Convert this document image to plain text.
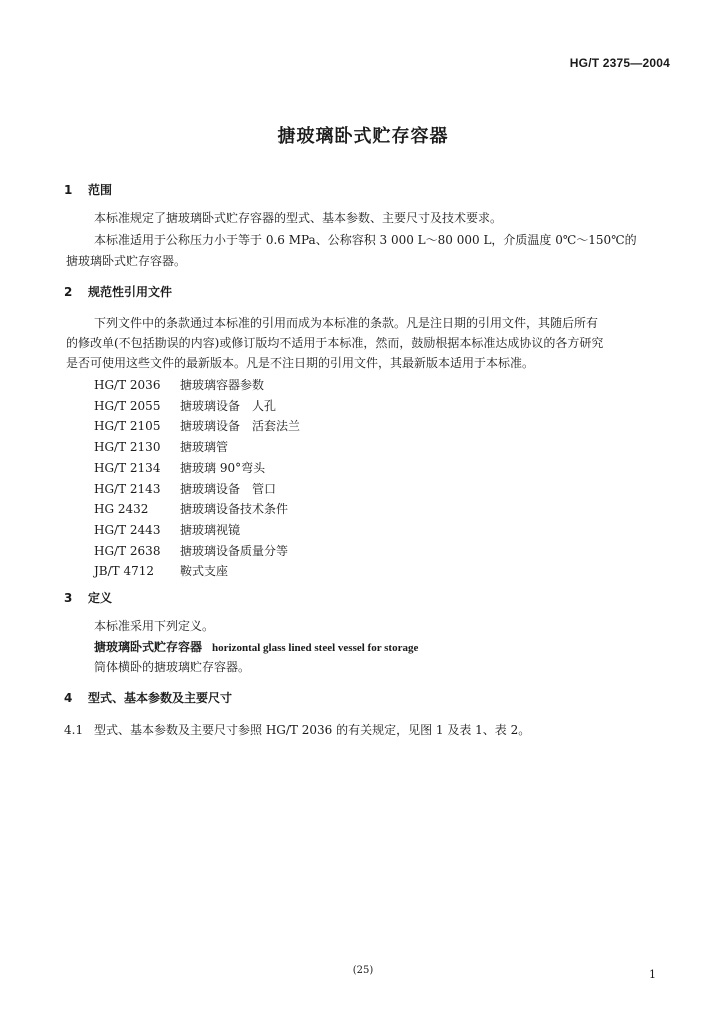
HG/T 2375—2004
搪玻璃卧式贮存容器
1 范围
本标准规定了搪玻璃卧式贮存容器的型式、基本参数、主要尺寸及技术要求。
本标准适用于公称压力小于等于 0.6 MPa、公称容积 3 000 L～80 000 L，介质温度 0℃～150℃的
搪玻璃卧式贮存容器。
2 规范性引用文件
下列文件中的条款通过本标准的引用而成为本标准的条款。凡是注日期的引用文件，其随后所有
的修改单(不包括勘误的内容)或修订版均不适用于本标准，然而，鼓励根据本标准达成协议的各方研究
是否可使用这些文件的最新版本。凡是不注日期的引用文件，其最新版本适用于本标准。
HG/T 2036 搪玻璃容器参数
HG/T 2055 搪玻璃设备　人孔
HG/T 2105 搪玻璃设备　活套法兰
HG/T 2130 搪玻璃管
HG/T 2134 搪玻璃 90°弯头
HG/T 2143 搪玻璃设备　管口
HG 2432	搪玻璃设备技术条件
HG/T 2443 搪玻璃视镜
HG/T 2638 搪玻璃设备质量分等
JB/T 4712 鞍式支座
3 定义
本标准采用下列定义。
搪玻璃卧式贮存容器 horizontal glass lined steel vessel for storage
筒体横卧的搪玻璃贮存容器。
4 型式、基本参数及主要尺寸
4.1 型式、基本参数及主要尺寸参照 HG/T 2036 的有关规定，见图 1 及表 1、表 2。
(25)	1
